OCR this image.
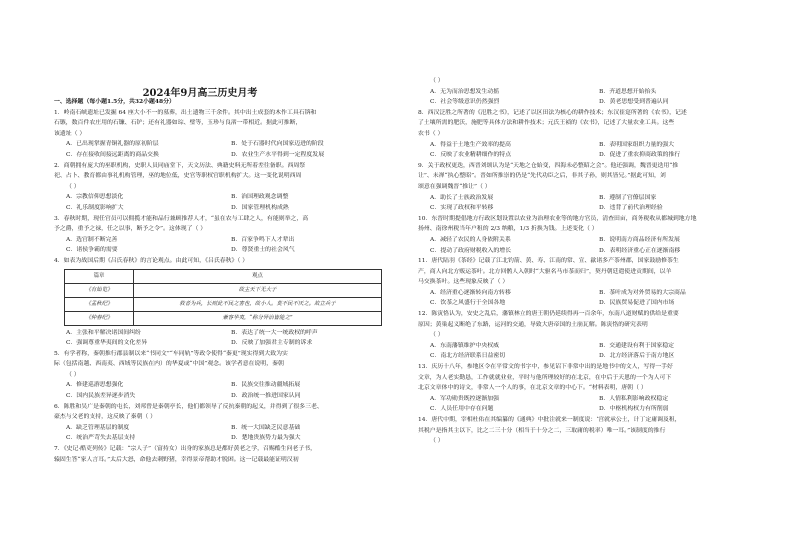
2024年9月高三历史月考
一、选择题（每小题1.5分，共32小题48分）
1．岭南石峡遗址已发掘 64 座大小不一的墓葬，出土遗物三千余件。其中出土成套的木作工具石锛和
石镞，数百件农庄用的石镰、石铲；还有礼器如琮、璧等，玉珍与良渚一带相近。据此可推断，
该遗址（ ）
A．已出现掌握青铜礼器的原初阶层	B．处于石器时代向国家迈进的阶段
C．存在接收间接远距离的商品交换	D．农业生产水平得到一定程度发展
2．商朝拥有庞大的巫职机构，史职人员同庙堂下，天文历法、典籍史料无所着差往备职。西周祭
祀、占卜、教育都由事礼机构管理，巫的地位低，史官等职权官职机构扩大。这一变化说明西周
（ ）
A．宗教信仰思想淡化	B．治国理政观念调整
C．礼乐制度影响扩大	D．国家管理机构成熟
3．春秋时期，现任官员可以佣揽才能和品行兼顾推荐人才，“虽在农与工肆之人，有能则举之，高
予之爵，重予之禄，任之以事，断予之令”。这体现了（ ）
A．选官制不断完善	B．百家争鸣下人才辈出
C．诸侯争霸的需要	D．尊贤重士的社会风气
4．如表为战国后期《吕氏春秋》的言论观点。由此可知，《吕氏春秋》（ ）
篇章	观点
《有始览》	故主天下无大子
《孟秋纪》	救者为兵，长则此不民之害也，故小人。莫不民不厌之。故立兵子
《仲春纪》	兼容华夷，“称分异治皆能之”
A．主张和平解决诸国间纠纷	B．表达了统一大一统政权的呼声
C．强调尊重华夷间的文化差异	D．反映了加强君主专制的诉求
5．有学者称，秦朝推行郡县制以来“书同文”“车同轨”等政令使得“秦更”现实得到大致为实
际（包括南越、西南夷、西域等民族在内）的华夏或“中国”观念。该学者意在说明，秦朝
（ ）
A．修建巡游思想强化	B．民族交往推动疆域拓展
C．国内民族差异逐步消失	D．政治统一推进国家认同
6．陈胜和吴广是秦朝的屯长，刘邦曾是秦朝亭长，他们都领导了反抗秦朝的起义，并得到了很多三老、
豪杰与父老的支持，这反映了秦朝（ ）
A．缺乏管理基层的制度	B．统一大国缺乏民意基础
C．统治严苛失去基层支持	D．楚地贵族势力最为强大
7．《史记·酷吏列传》记载：“宗人子”（富持女）出身的家族总是都好黄老之学，召赐酷生问老子书，
辕固生答“家人言耳。”太后大怒，命他去刺野猪，幸得景帝帮助才脱困。这一记载最能证明汉初
（ ）
A．无为而治思想发生动摇	B．齐道思想开始抬头
C．社会等级意识仍然强烈	D．黄老思想受到普遍认同
8．西汉泛胜之所著的《氾胜之书》，记述了以区田法为核心的耕作技术；东汉崔寔所著的《农书》，记述
了土壤所需的肥沃，施肥等具体方法和耕作技术；元氏王祯的《农书》，记述了大量农业工具。这些
农书（ ）
A．得益于土地生产效率的提高	B．表明国家组织力量的强大
C．反映了农业精耕细作的特点	D．促进了重农抑商政策的推行
9．关于政权更迭，西晋刘颂认为是“天地之仓始变，四海未必整昭之会”。他还强调，魏晋更迭用“推
让”、未禅“执心整昭”。晋如所推崇的仍是“先代功臣之后，非其子孙，则其皆兄。”据此可知，刘
颂意在强调魏晋“推让”（ ）
A．助长了士族政治发展	B．遵制了官僚层国家
C．实现了政权和平转移	D．违背了前代治理经验
10．东晋时期提倡地方行政区划设置以农业为治理农业等的地方官员，清查田亩，商务税收从都城到地方地
扬州、南徐州税当年户租的 2/3 纳粮，1/3 折换为钱。上述变化（ ）
A．减轻了农民的人身依附关系	B．说明南方商品经济有所发展
C．提动了政府财税收入的增长	D．表明经济重心正在逐渐南移
11．唐代陆羽《茶经》记载了江北钓箭、黄、寿、江南的常、宣、歙诸多产茶州郡，国家鼓励修茶生
产，商人向北方贩运茶叶。北方回鹘人入朝时“大驱名马市茶而归”，契丹朝廷遣使进贡期间，以羊
马交换茶叶。这些现象反映了（ ）
A．经济重心逐渐转向南方转移	B．茶叶成为对外贸易的大宗商品
C．饮茶之风盛行于全国各地	D．民族贸易促进了国内市场
12．陈寅恪认为，安史之乱后，藩镇林立的唐王朝仍延续得再一百余年，东南八道财赋的供给是重要
原因；黄巢起义断绝了东路，运河的交通，导致大唐帝国的土崩瓦解。陈寅恪的研究表明
（ ）
A．东南藩镇维护中央权威	B．交通建设有利于国家稳定
C．南北方经济联系日益密切	D．北方经济落后于南方地区
13．庆历十八年，参地区令在平常文的书字中，参见诏下非常中出的是地书中的文人，写得一手好
文章，为人老实勤恳，工作就就业业，平时与他所理较好的在北京，在中后于天恩的一个为人可下
北京文章体中的诗文，非常人一个人的事，在北京文章的中心下。“材料表明，唐朝（ ）
A．军功勋贵既控逐渐加强	B．人情私利影响政权稳定
C．人员任用中存在问题	D．中枢机构权力有所削弱
14．唐代中期，宰相杜佑在其编纂的《通典》中批注就来一制度说：‘宫就承公土，计丁定庸调及租，
其税户是指其主以下，比之二三十分（相当于十分之二，三取庸的税率）唯一耳。”该制度的推行
（ ）
